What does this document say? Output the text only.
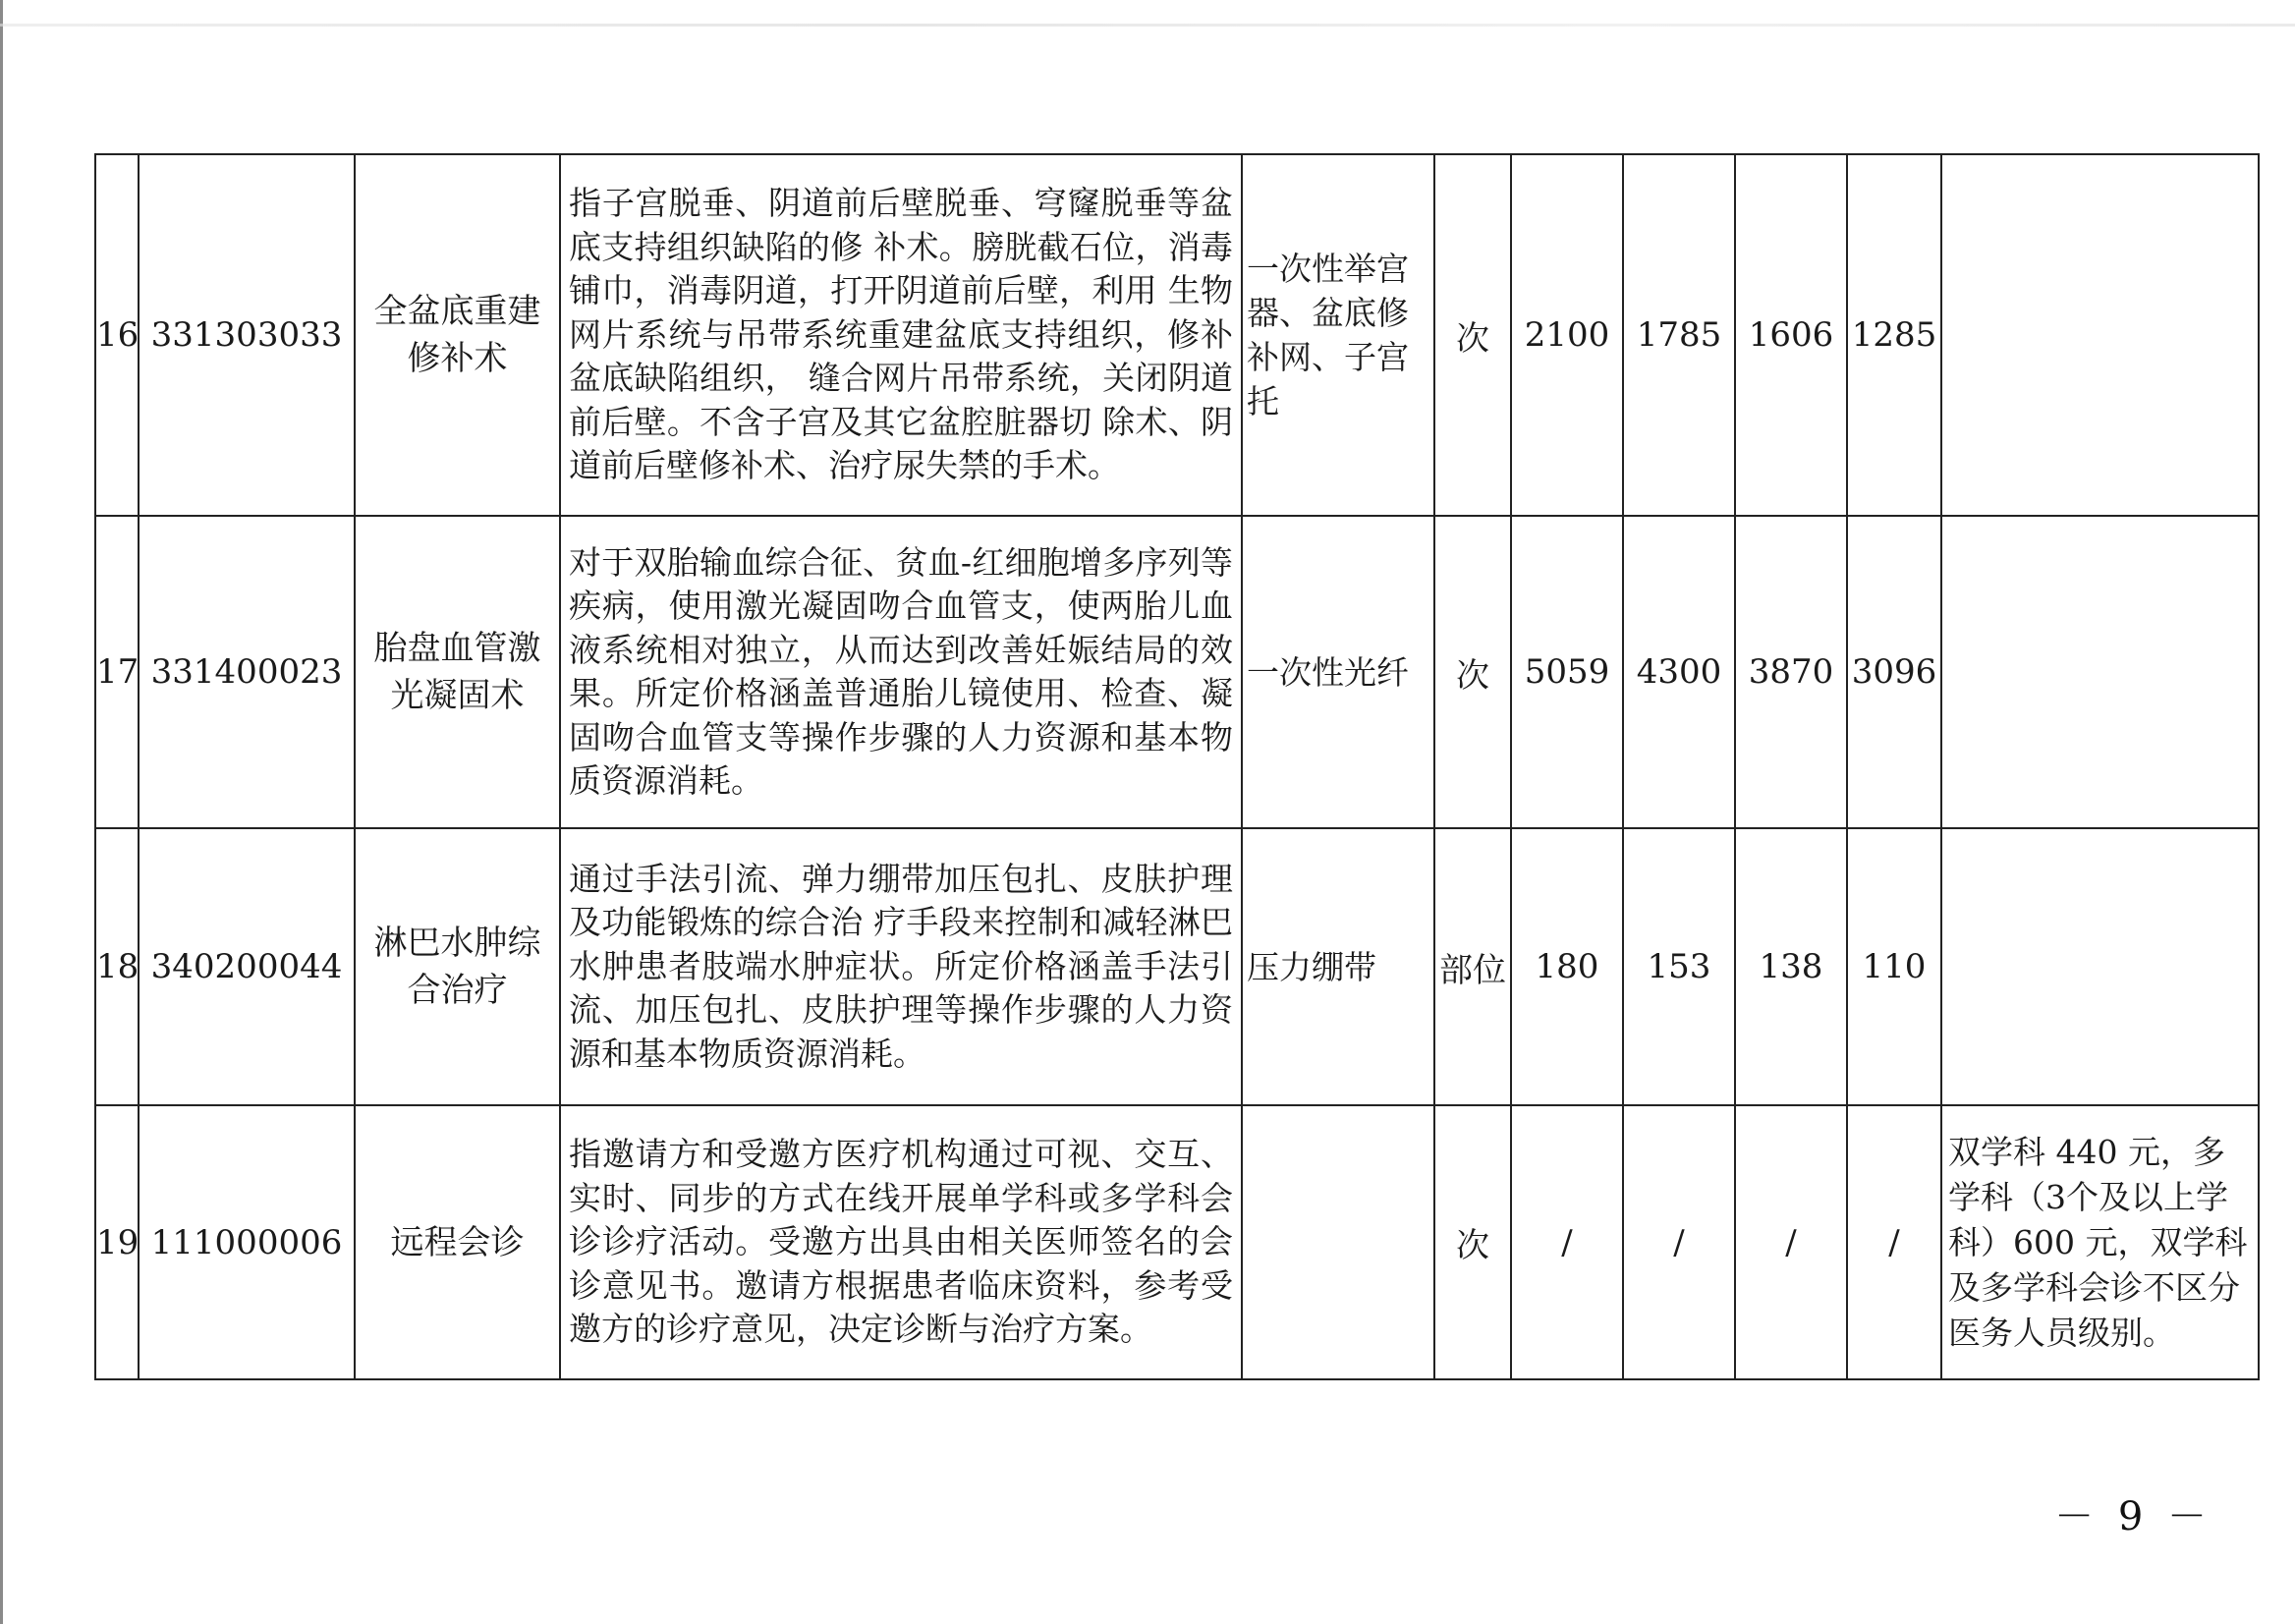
16	331303033	全盆底重建修补术	指子宫脱垂、阴道前后壁脱垂、穹窿脱垂等盆底支持组织缺陷的修 补术。膀胱截石位，消毒铺巾，消毒阴道，打开阴道前后壁，利用 生物网片系统与吊带系统重建盆底支持组织，修补盆底缺陷组织， 缝合网片吊带系统，关闭阴道前后壁。不含子宫及其它盆腔脏器切 除术、阴道前后壁修补术、治疗尿失禁的手术。	一次性举宫器、盆底修补网、子宫托	次	2100	1785	1606	1285	
17	331400023	胎盘血管激光凝固术	对于双胎输血综合征、贫血-红细胞增多序列等疾病，使用激光凝固吻合血管支，使两胎儿血液系统相对独立，从而达到改善妊娠结局的效果。所定价格涵盖普通胎儿镜使用、检查、凝固吻合血管支等操作步骤的人力资源和基本物质资源消耗。	一次性光纤	次	5059	4300	3870	3096	
18	340200044	淋巴水肿综合治疗	通过手法引流、弹力绷带加压包扎、皮肤护理及功能锻炼的综合治 疗手段来控制和减轻淋巴水肿患者肢端水肿症状。所定价格涵盖手法引流、加压包扎、皮肤护理等操作步骤的人力资源和基本物质资源消耗。	压力绷带	部位	180	153	138	110	
19	111000006	远程会诊	指邀请方和受邀方医疗机构通过可视、交互、实时、同步的方式在线开展单学科或多学科会诊诊疗活动。受邀方出具由相关医师签名的会诊意见书。邀请方根据患者临床资料，参考受邀方的诊疗意见，决定诊断与治疗方案。		次	/	/	/	/	双学科 440 元，多学科（3个及以上学科）600 元，双学科及多学科会诊不区分医务人员级别。
－ 9 －
